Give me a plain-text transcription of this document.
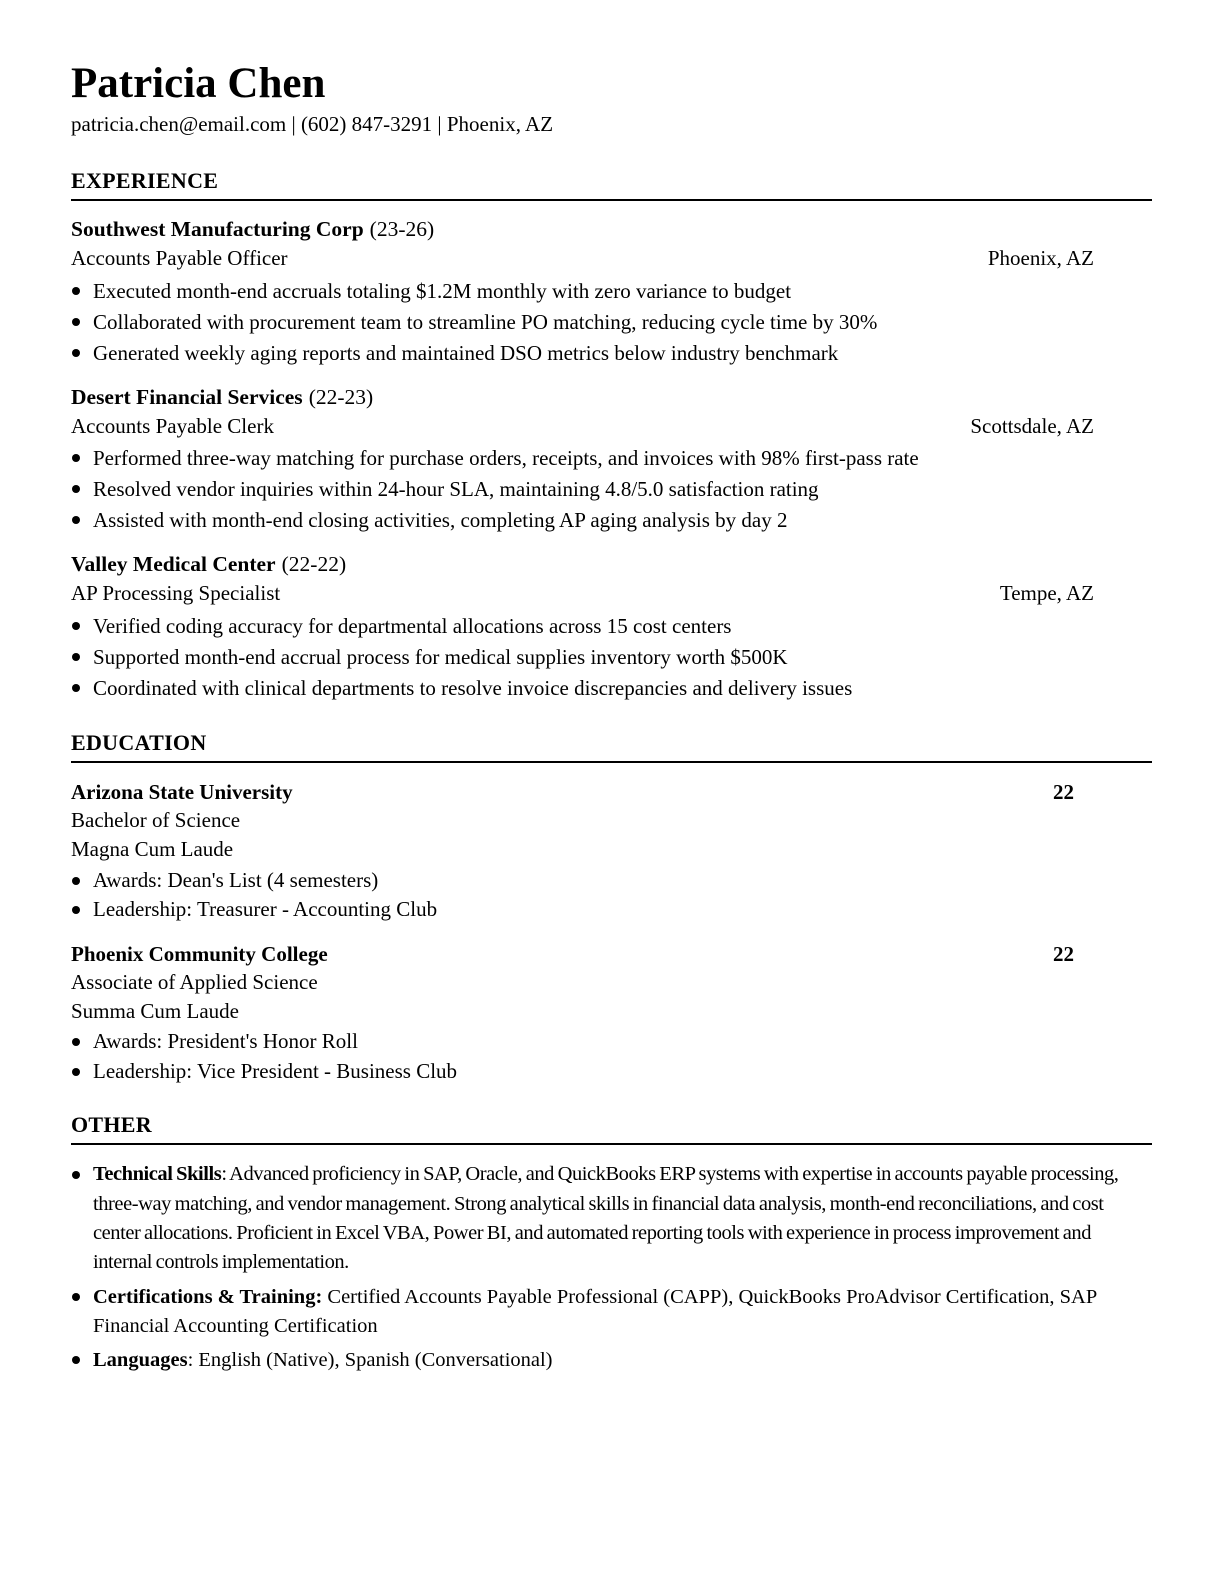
Patricia Chen
patricia.chen@email.com | (602) 847-3291 | Phoenix, AZ
EXPERIENCE
Southwest Manufacturing Corp (23-26)
Accounts Payable Officer	Phoenix, AZ
Executed month-end accruals totaling $1.2M monthly with zero variance to budget
Collaborated with procurement team to streamline PO matching, reducing cycle time by 30%
Generated weekly aging reports and maintained DSO metrics below industry benchmark
Desert Financial Services (22-23)
Accounts Payable Clerk	Scottsdale, AZ
Performed three-way matching for purchase orders, receipts, and invoices with 98% first-pass rate
Resolved vendor inquiries within 24-hour SLA, maintaining 4.8/5.0 satisfaction rating
Assisted with month-end closing activities, completing AP aging analysis by day 2
Valley Medical Center (22-22)
AP Processing Specialist	Tempe, AZ
Verified coding accuracy for departmental allocations across 15 cost centers
Supported month-end accrual process for medical supplies inventory worth $500K
Coordinated with clinical departments to resolve invoice discrepancies and delivery issues
EDUCATION
Arizona State University	22
Bachelor of Science
Magna Cum Laude
Awards: Dean's List (4 semesters)
Leadership: Treasurer - Accounting Club
Phoenix Community College	22
Associate of Applied Science
Summa Cum Laude
Awards: President's Honor Roll
Leadership: Vice President - Business Club
OTHER
Technical Skills: Advanced proficiency in SAP, Oracle, and QuickBooks ERP systems with expertise in accounts payable processing, three-way matching, and vendor management. Strong analytical skills in financial data analysis, month-end reconciliations, and cost center allocations. Proficient in Excel VBA, Power BI, and automated reporting tools with experience in process improvement and internal controls implementation.
Certifications & Training: Certified Accounts Payable Professional (CAPP), QuickBooks ProAdvisor Certification, SAP Financial Accounting Certification
Languages: English (Native), Spanish (Conversational)
